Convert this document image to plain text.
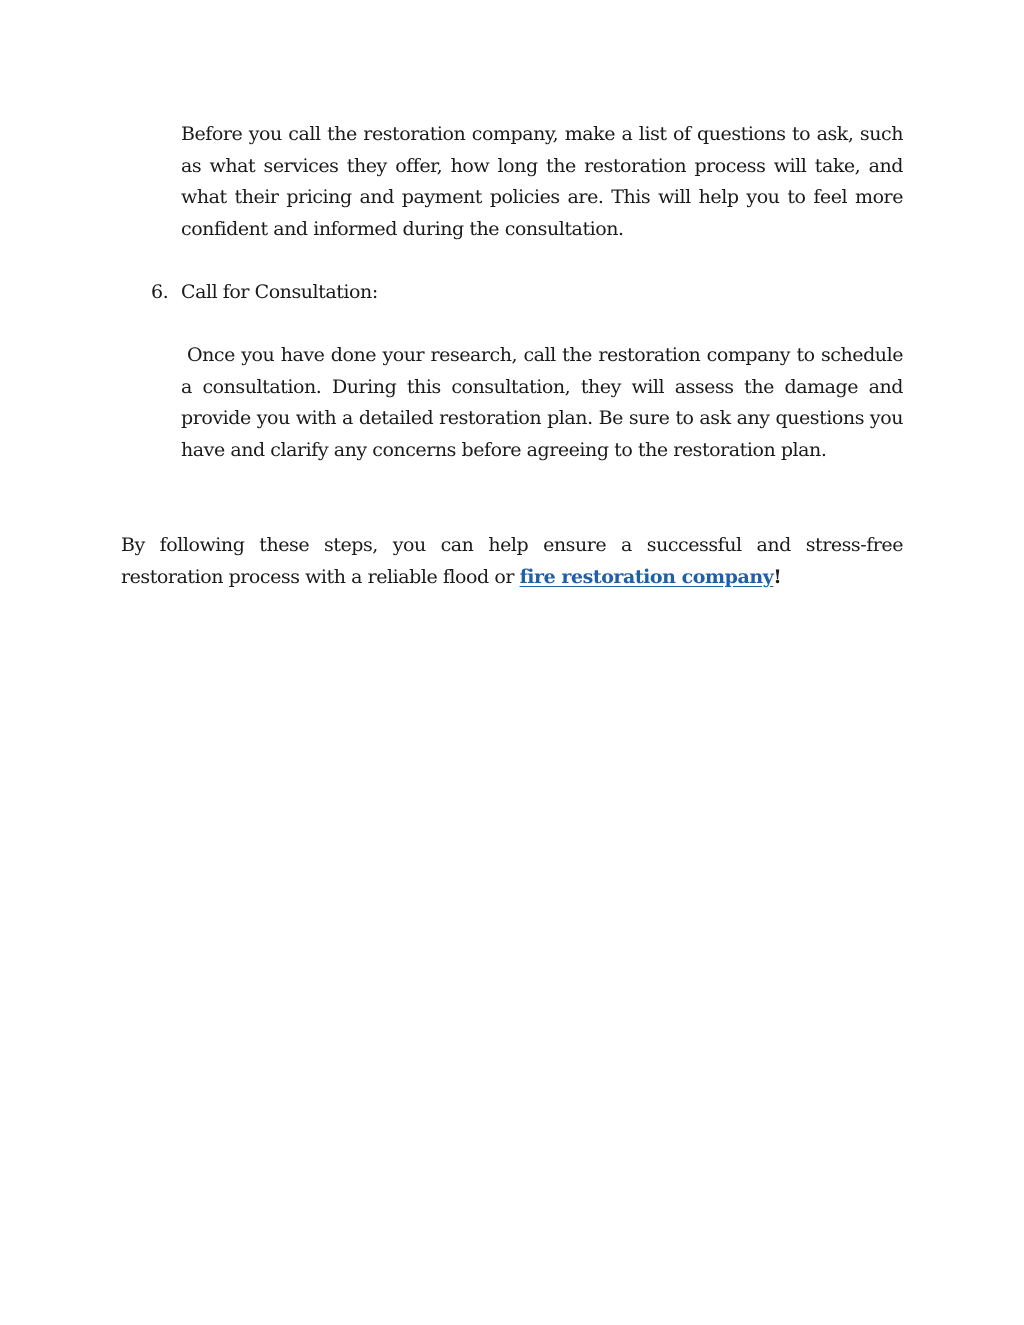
Before you call the restoration company, make a list of questions to ask, such as what services they offer, how long the restoration process will take, and what their pricing and payment policies are. This will help you to feel more confident and informed during the consultation.

6. Call for Consultation:

Once you have done your research, call the restoration company to schedule a consultation. During this consultation, they will assess the damage and provide you with a detailed restoration plan. Be sure to ask any questions you have and clarify any concerns before agreeing to the restoration plan.

By following these steps, you can help ensure a successful and stress-free restoration process with a reliable flood or fire restoration company!
